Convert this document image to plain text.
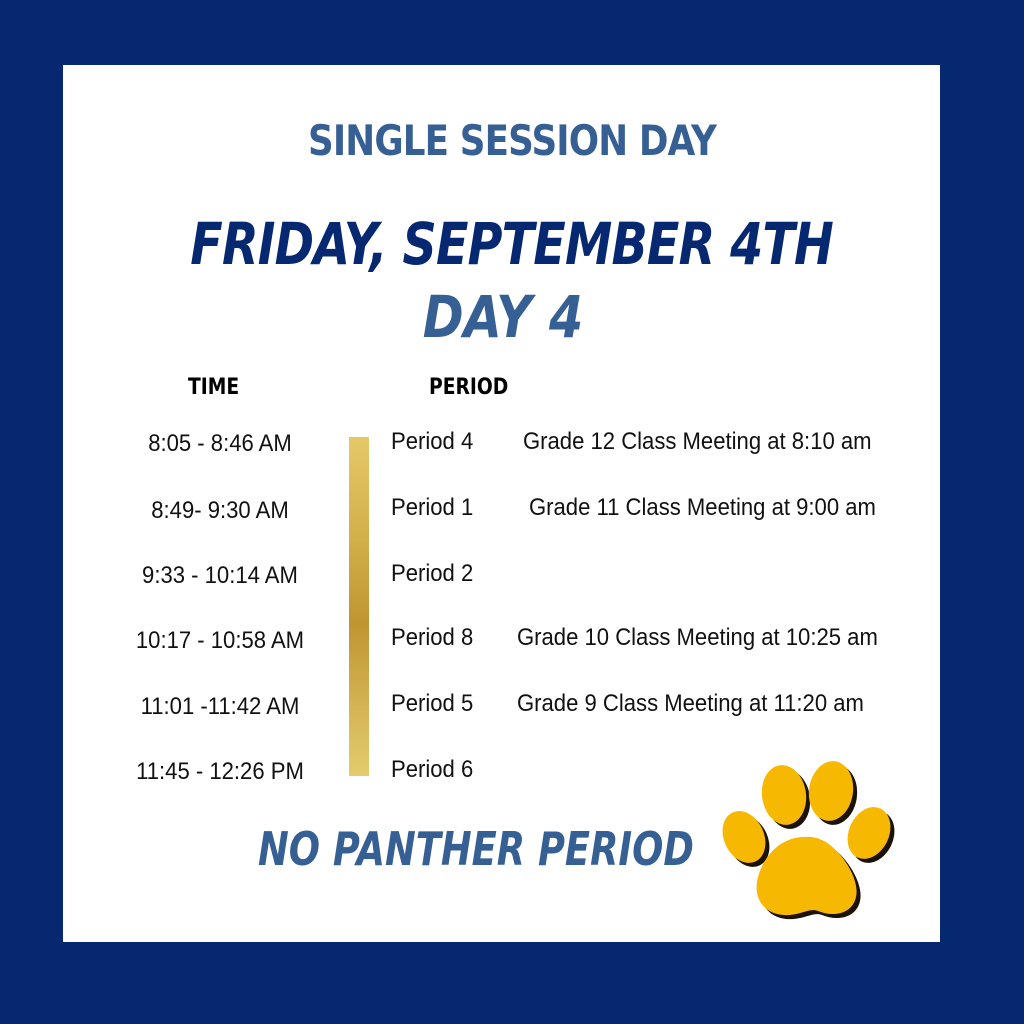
SINGLE SESSION DAY
FRIDAY, SEPTEMBER 4TH
DAY 4
TIME	PERIOD
8:05 - 8:46 AM	Period 4 Grade 12 Class Meeting at 8:10 am
8:49- 9:30 AM	Period 1 Grade 11 Class Meeting at 9:00 am
9:33 - 10:14 AM	Period 2
10:17 - 10:58 AM	Period 8 Grade 10 Class Meeting at 10:25 am
11:01 -11:42 AM	Period 5 Grade 9 Class Meeting at 11:20 am
11:45 - 12:26 PM	Period 6
NO PANTHER PERIOD
